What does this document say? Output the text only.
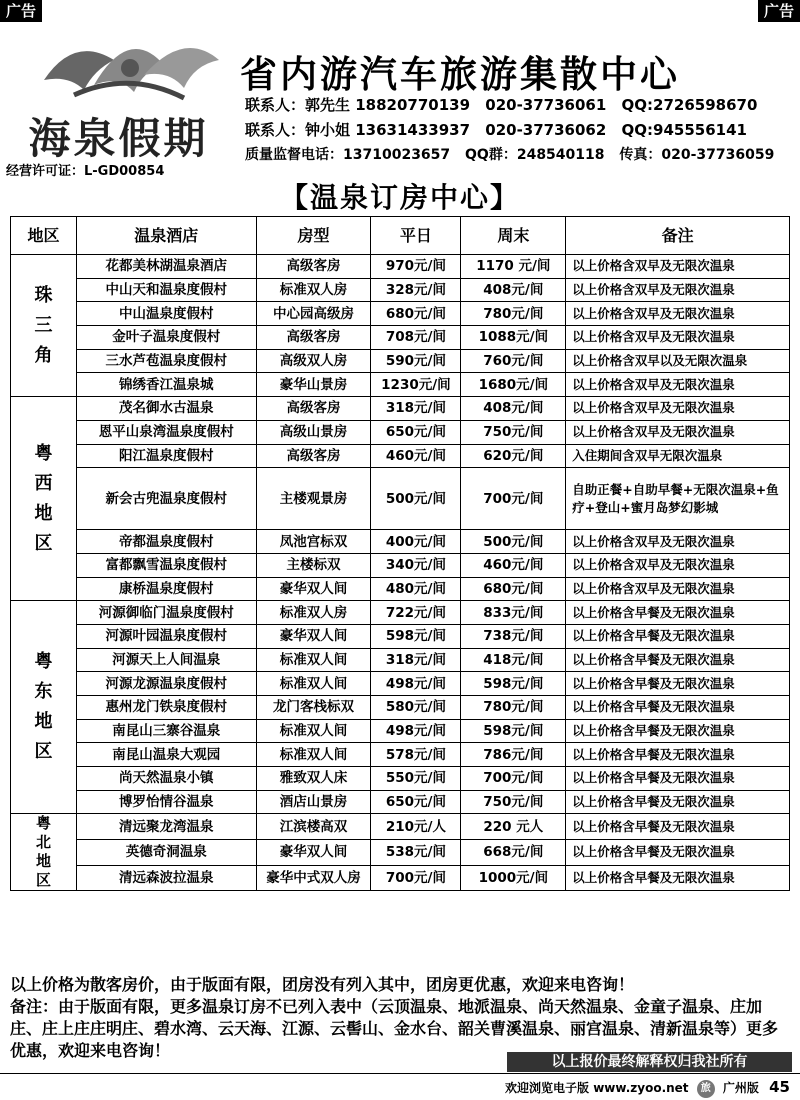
广告	广告
海泉假期
经营许可证：L-GD00854
省内游汽车旅游集散中心
联系人：郭先生 18820770139 020-37736061 QQ:2726598670
联系人：钟小姐 13631433937 020-37736062 QQ:945556141
质量监督电话：13710023657 QQ群：248540118 传真：020-37736059
【温泉订房中心】
地区	温泉酒店	房型	平日	周末	备注
珠
三
角	花都美林湖温泉酒店	高级客房	970元/间	1170 元/间	以上价格含双早及无限次温泉
	中山天和温泉度假村	标准双人房	328元/间	408元/间	以上价格含双早及无限次温泉
	中山温泉度假村	中心园高级房	680元/间	780元/间	以上价格含双早及无限次温泉
	金叶子温泉度假村	高级客房	708元/间	1088元/间	以上价格含双早及无限次温泉
	三水芦苞温泉度假村	高级双人房	590元/间	760元/间	以上价格含双早以及无限次温泉
	锦绣香江温泉城	豪华山景房	1230元/间	1680元/间	以上价格含双早及无限次温泉
粤
西
地
区	茂名御水古温泉	高级客房	318元/间	408元/间	以上价格含双早及无限次温泉
	恩平山泉湾温泉度假村	高级山景房	650元/间	750元/间	以上价格含双早及无限次温泉
	阳江温泉度假村	高级客房	460元/间	620元/间	入住期间含双早无限次温泉
	新会古兜温泉度假村	主楼观景房	500元/间	700元/间	自助正餐+自助早餐+无限次温泉+鱼疗+登山+蜜月岛梦幻影城
	帝都温泉度假村	凤池宫标双	400元/间	500元/间	以上价格含双早及无限次温泉
	富都飘雪温泉度假村	主楼标双	340元/间	460元/间	以上价格含双早及无限次温泉
	康桥温泉度假村	豪华双人间	480元/间	680元/间	以上价格含双早及无限次温泉
粤
东
地
区	河源御临门温泉度假村	标准双人房	722元/间	833元/间	以上价格含早餐及无限次温泉
	河源叶园温泉度假村	豪华双人间	598元/间	738元/间	以上价格含早餐及无限次温泉
	河源天上人间温泉	标准双人间	318元/间	418元/间	以上价格含早餐及无限次温泉
	河源龙源温泉度假村	标准双人间	498元/间	598元/间	以上价格含早餐及无限次温泉
	惠州龙门铁泉度假村	龙门客栈标双	580元/间	780元/间	以上价格含早餐及无限次温泉
	南昆山三寨谷温泉	标准双人间	498元/间	598元/间	以上价格含早餐及无限次温泉
	南昆山温泉大观园	标准双人间	578元/间	786元/间	以上价格含早餐及无限次温泉
	尚天然温泉小镇	雅致双人床	550元/间	700元/间	以上价格含早餐及无限次温泉
	博罗怡情谷温泉	酒店山景房	650元/间	750元/间	以上价格含早餐及无限次温泉
粤
北
地
区	清远聚龙湾温泉	江滨楼高双	210元/人	220 元人	以上价格含早餐及无限次温泉
	英德奇洞温泉	豪华双人间	538元/间	668元/间	以上价格含早餐及无限次温泉
	清远森波拉温泉	豪华中式双人房	700元/间	1000元/间	以上价格含早餐及无限次温泉
以上价格为散客房价，由于版面有限，团房没有列入其中，团房更优惠，欢迎来电咨询！
备注：由于版面有限，更多温泉订房不已列入表中（云顶温泉、地派温泉、尚天然温泉、金童子温泉、庄加庄、庄上庄庄明庄、碧水湾、云天海、江源、云髻山、金水台、韶关曹溪温泉、丽宫温泉、清新温泉等）更多优惠，欢迎来电咨询！
以上报价最终解释权归我社所有
欢迎浏览电子版 www.zyoo.net 旅 广州版 45
